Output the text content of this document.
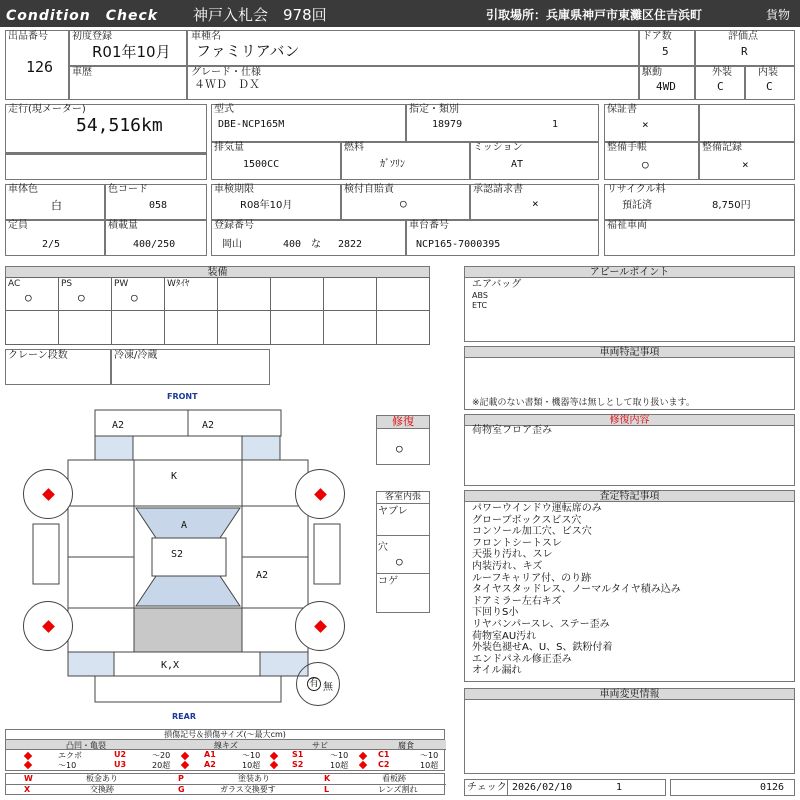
Condition　Check 神戸入札会　978回	引取場所：兵庫県神戸市東灘区住吉浜町	貨物
出品番号
126
初度登録
R01年10月
車種名
ファミリアバン
ドア数
5
評価点
R
車歴	グレード・仕様
４ＷＤ　ＤＸ
駆動
4WD
外装
C
内装
C
走行(現メーター)
54,516km
型式
DBE-NCP165M
指定・類別
18979	1
保証書
×
排気量
1500CC
燃料
ｶﾞｿﾘﾝ
ミッション
AT
整備手帳
○
整備記録
×
車体色
白
色コード
058
車検期限
R08年10月
検付自賠責
○
承認請求書
×
リサイクル料
預託済	8,750円
定員
2/5
積載量
400/250
登録番号
岡山	400 な 2822
車台番号
NCP165-7000395
福祉車両
装備
AC
○
PS
○
PW
○
Wﾀｲﾔ
クレーン段数	冷凍/冷蔵
FRONT
A2	A2
K
A
S2
A2
K,X
有 無
REAR
修復
○
客室内張
ヤブレ
穴
○
コゲ
アピールポイント
エアバッグ
ABS
ETC
車両特記事項
※記載のない書類・機器等は無しとして取り扱います。
修復内容
荷物室フロア歪み
査定特記事項
パワーウインドウ運転席のみ
グローブボックスビス穴
コンソール加工穴、ビス穴
フロントシートスレ
天張り汚れ、スレ
内装汚れ、キズ
ルーフキャリア付、のり跡
タイヤスタッドレス、ノーマルタイヤ積み込み
ドアミラー左右キズ
下回りS小
リヤバンパースレ、ステー歪み
荷物室AU汚れ
外装色褪せA、U、S、鉄粉付着
エンドパネル修正歪み
オイル漏れ
車両変更情報
損傷記号＆損傷サイズ(〜最大cm)
凸凹・亀裂	線キズ	サビ	腐食
エクボ	U2	〜20	A1	〜10	S1	〜10	C1	〜10
〜10	U3	20超	A2	10超	S2	10超	C2	10超
W	板金あり	P	塗装あり	K	看板跡
X	交換跡	G	ガラス交換要す	L	レンズ割れ	チェック 2026/02/10	1	0126
